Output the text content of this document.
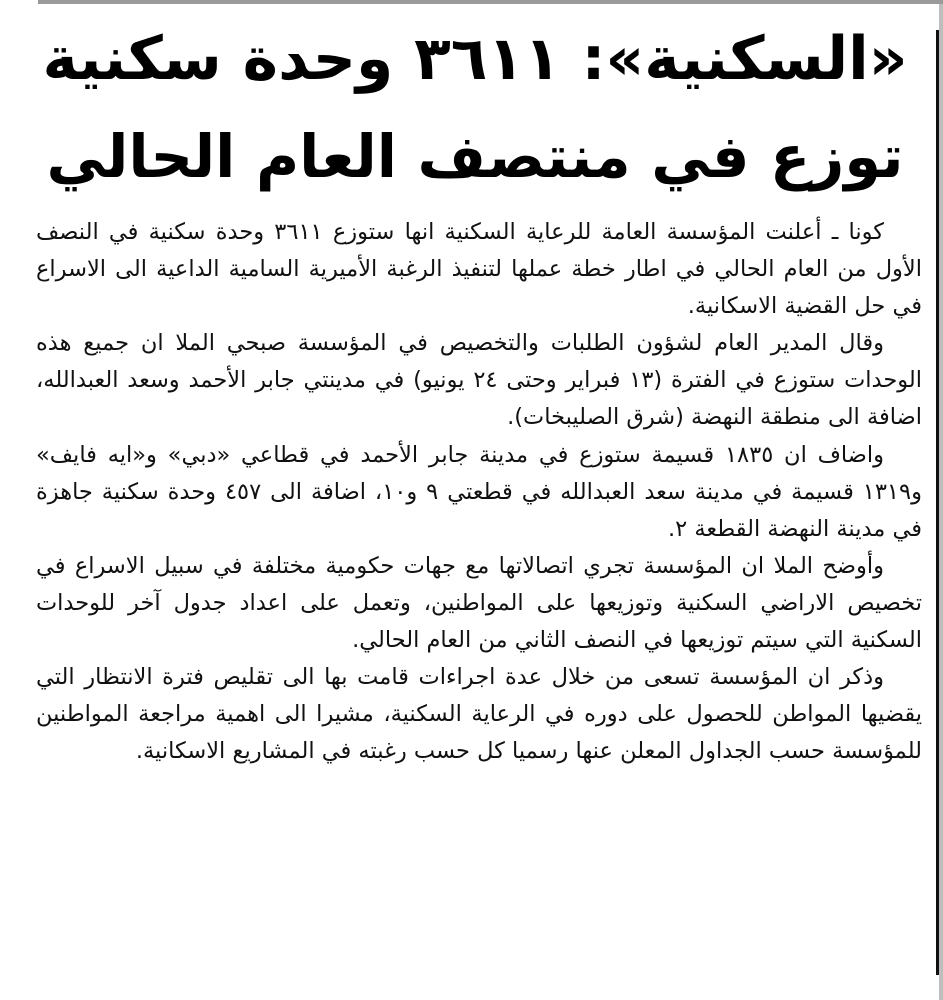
«السكنية»: ٣٦١١ وحدة سكنية
توزع في منتصف العام الحالي

كونا ـ أعلنت المؤسسة العامة للرعاية السكنية انها ستوزع ٣٦١١ وحدة سكنية في النصف الأول من العام الحالي في اطار خطة عملها لتنفيذ الرغبة الأميرية السامية الداعية الى الاسراع في حل القضية الاسكانية.

وقال المدير العام لشؤون الطلبات والتخصيص في المؤسسة صبحي الملا ان جميع هذه الوحدات ستوزع في الفترة (١٣ فبراير وحتى ٢٤ يونيو) في مدينتي جابر الأحمد وسعد العبدالله، اضافة الى منطقة النهضة (شرق الصليبخات).

واضاف ان ١٨٣٥ قسيمة ستوزع في مدينة جابر الأحمد في قطاعي «دبي» و«ايه فايف» و١٣١٩ قسيمة في مدينة سعد العبدالله في قطعتي ٩ و١٠، اضافة الى ٤٥٧ وحدة سكنية جاهزة في مدينة النهضة القطعة ٢.

وأوضح الملا ان المؤسسة تجري اتصالاتها مع جهات حكومية مختلفة في سبيل الاسراع في تخصيص الاراضي السكنية وتوزيعها على المواطنين، وتعمل على اعداد جدول آخر للوحدات السكنية التي سيتم توزيعها في النصف الثاني من العام الحالي.

وذكر ان المؤسسة تسعى من خلال عدة اجراءات قامت بها الى تقليص فترة الانتظار التي يقضيها المواطن للحصول على دوره في الرعاية السكنية، مشيرا الى اهمية مراجعة المواطنين للمؤسسة حسب الجداول المعلن عنها رسميا كل حسب رغبته في المشاريع الاسكانية.
